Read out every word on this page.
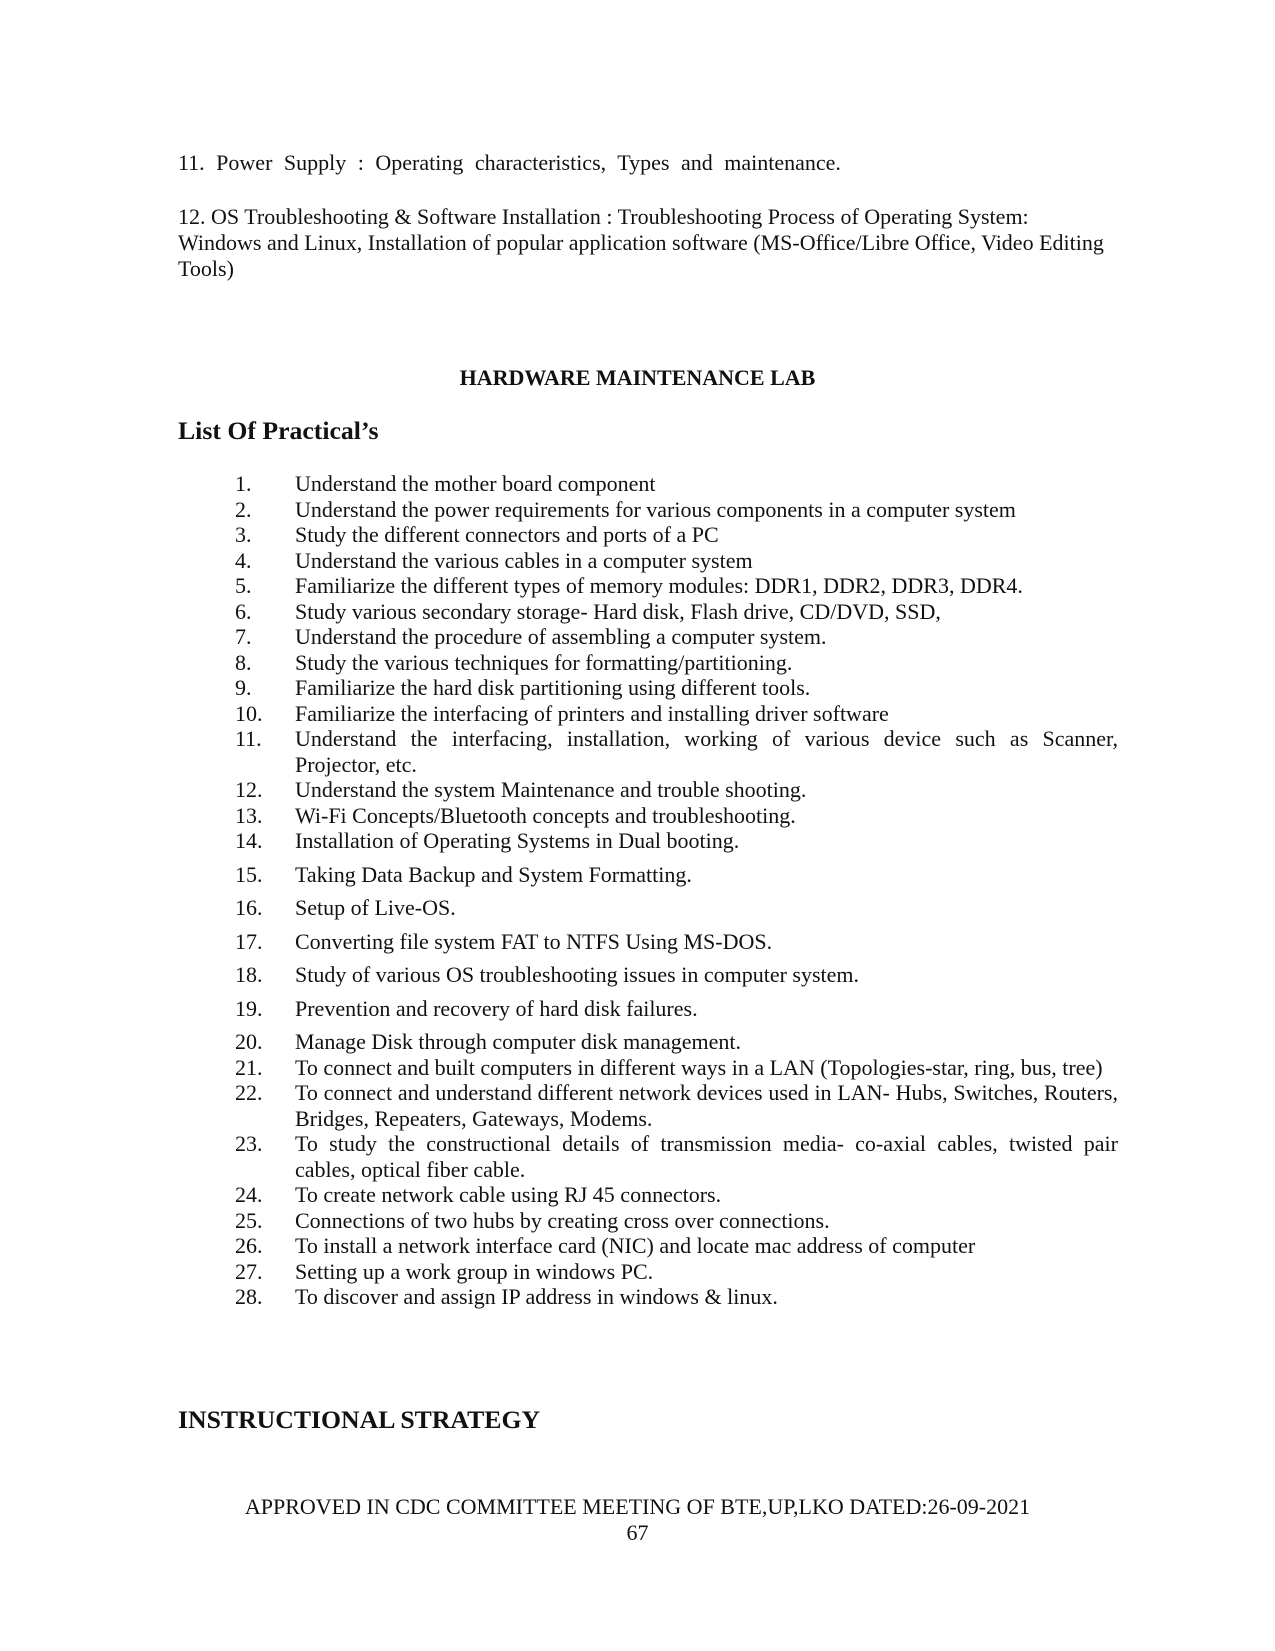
11. Power Supply : Operating characteristics, Types and maintenance.

12. OS Troubleshooting & Software Installation : Troubleshooting Process of Operating System: Windows and Linux, Installation of popular application software (MS-Office/Libre Office, Video Editing Tools)

HARDWARE MAINTENANCE LAB
List Of Practical’s
1. Understand the mother board component
2. Understand the power requirements for various components in a computer system
3. Study the different connectors and ports of a PC
4. Understand the various cables in a computer system
5. Familiarize the different types of memory modules: DDR1, DDR2, DDR3, DDR4.
6. Study various secondary storage- Hard disk, Flash drive, CD/DVD, SSD,
7. Understand the procedure of assembling a computer system.
8. Study the various techniques for formatting/partitioning.
9. Familiarize the hard disk partitioning using different tools.
10. Familiarize the interfacing of printers and installing driver software
11. Understand the interfacing, installation, working of various device such as Scanner, Projector, etc.
12. Understand the system Maintenance and trouble shooting.
13. Wi-Fi Concepts/Bluetooth concepts and troubleshooting.
14. Installation of Operating Systems in Dual booting.
15. Taking Data Backup and System Formatting.
16. Setup of Live-OS.
17. Converting file system FAT to NTFS Using MS-DOS.
18. Study of various OS troubleshooting issues in computer system.
19. Prevention and recovery of hard disk failures.
20. Manage Disk through computer disk management.
21. To connect and built computers in different ways in a LAN (Topologies-star, ring, bus, tree)
22. To connect and understand different network devices used in LAN- Hubs, Switches, Routers, Bridges, Repeaters, Gateways, Modems.
23. To study the constructional details of transmission media- co-axial cables, twisted pair cables, optical fiber cable.
24. To create network cable using RJ 45 connectors.
25. Connections of two hubs by creating cross over connections.
26. To install a network interface card (NIC) and locate mac address of computer
27. Setting up a work group in windows PC.
28. To discover and assign IP address in windows & linux.
INSTRUCTIONAL STRATEGY
APPROVED IN CDC COMMITTEE MEETING OF BTE,UP,LKO DATED:26-09-2021
67
